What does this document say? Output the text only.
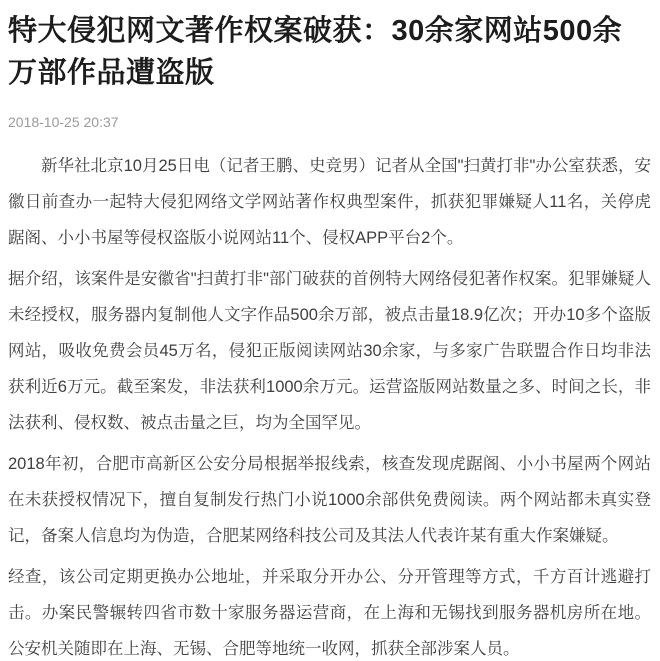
特大侵犯网文著作权案破获：30余家网站500余万部作品遭盗版
2018-10-25 20:37

新华社北京10月25日电（记者王鹏、史竞男）记者从全国"扫黄打非"办公室获悉，安徽日前查办一起特大侵犯网络文学网站著作权典型案件，抓获犯罪嫌疑人11名，关停虎踞阁、小小书屋等侵权盗版小说网站11个、侵权APP平台2个。

据介绍，该案件是安徽省"扫黄打非"部门破获的首例特大网络侵犯著作权案。犯罪嫌疑人未经授权，服务器内复制他人文字作品500余万部，被点击量18.9亿次；开办10多个盗版网站，吸收免费会员45万名，侵犯正版阅读网站30余家，与多家广告联盟合作日均非法获利近6万元。截至案发，非法获利1000余万元。运营盗版网站数量之多、时间之长，非法获利、侵权数、被点击量之巨，均为全国罕见。

2018年初，合肥市高新区公安分局根据举报线索，核查发现虎踞阁、小小书屋两个网站在未获授权情况下，擅自复制发行热门小说1000余部供免费阅读。两个网站都未真实登记，备案人信息均为伪造，合肥某网络科技公司及其法人代表许某有重大作案嫌疑。

经查，该公司定期更换办公地址，并采取分开办公、分开管理等方式，千方百计逃避打击。办案民警辗转四省市数十家服务器运营商，在上海和无锡找到服务器机房所在地。公安机关随即在上海、无锡、合肥等地统一收网，抓获全部涉案人员。
